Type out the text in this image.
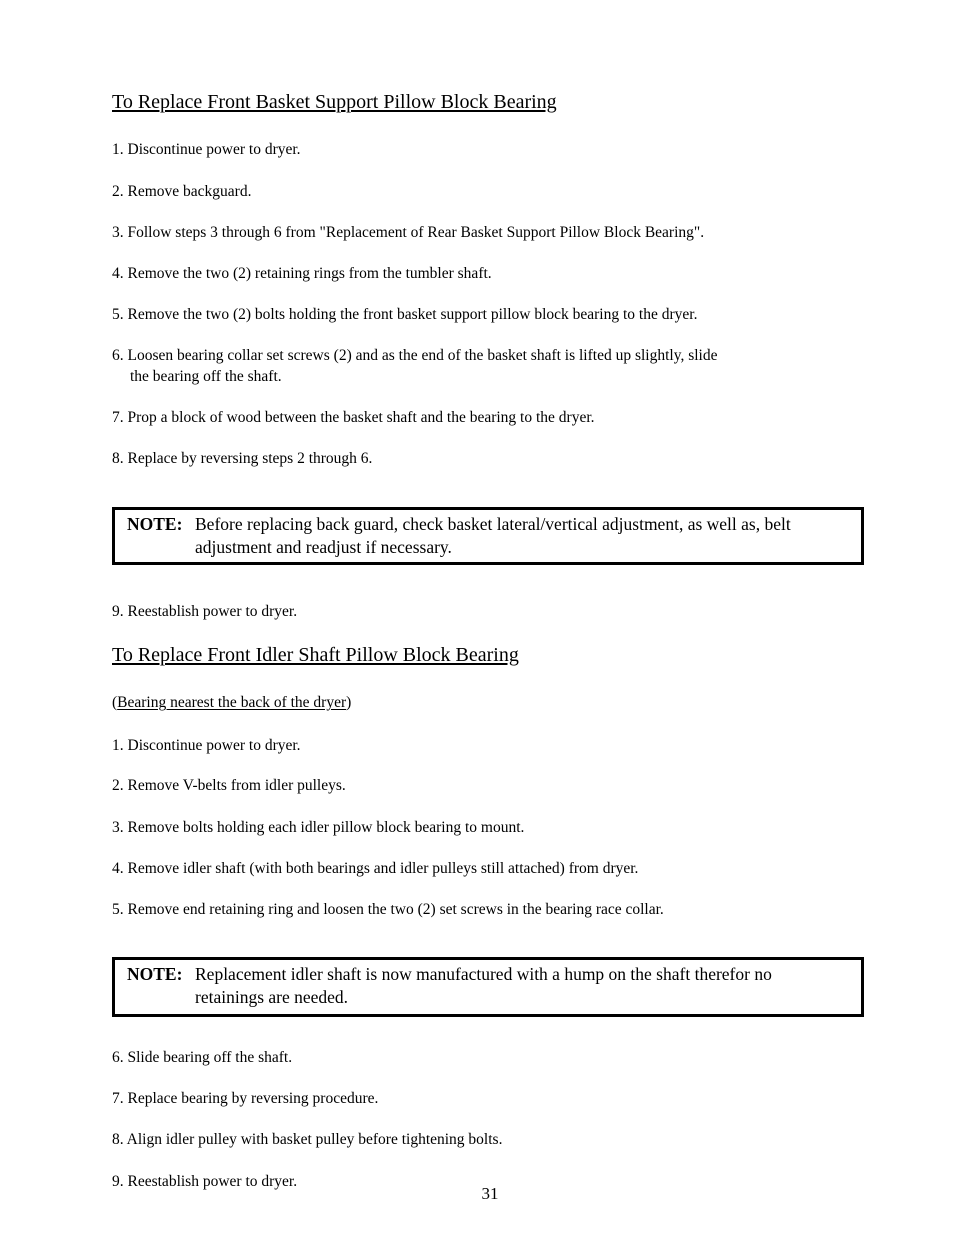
To Replace Front Basket Support Pillow Block Bearing

1. Discontinue power to dryer.

2. Remove backguard.

3. Follow steps 3 through 6 from "Replacement of Rear Basket Support Pillow Block Bearing".

4. Remove the two (2) retaining rings from the tumbler shaft.

5. Remove the two (2) bolts holding the front basket support pillow block bearing to the dryer.

6. Loosen bearing collar set screws (2) and as the end of the basket shaft is lifted up slightly, slide
the bearing off the shaft.

7. Prop a block of wood between the basket shaft and the bearing to the dryer.

8. Replace by reversing steps 2 through 6.

NOTE: Before replacing back guard, check basket lateral/vertical adjustment, as well as, belt
adjustment and readjust if necessary.

9. Reestablish power to dryer.

To Replace Front Idler Shaft Pillow Block Bearing

(Bearing nearest the back of the dryer)

1. Discontinue power to dryer.

2. Remove V-belts from idler pulleys.

3. Remove bolts holding each idler pillow block bearing to mount.

4. Remove idler shaft (with both bearings and idler pulleys still attached) from dryer.

5. Remove end retaining ring and loosen the two (2) set screws in the bearing race collar.

NOTE: Replacement idler shaft is now manufactured with a hump on the shaft therefor no
retainings are needed.

6. Slide bearing off the shaft.

7. Replace bearing by reversing procedure.

8. Align idler pulley with basket pulley before tightening bolts.

9. Reestablish power to dryer.

31
